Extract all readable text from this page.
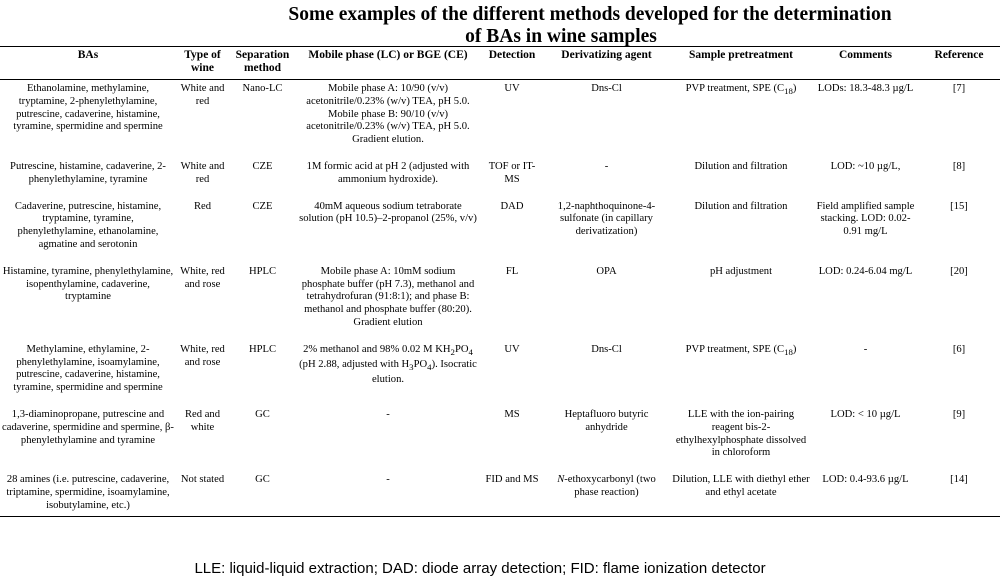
Some examples of the different methods developed for the determination
of BAs in wine samples
BAs	Type of wine	Separation method	Mobile phase (LC) or BGE (CE)	Detection	Derivatizing agent	Sample pretreatment	Comments	Reference
Ethanolamine, methylamine, tryptamine, 2-phenylethylamine, putrescine, cadaverine, histamine, tyramine, spermidine and spermine	White and red	Nano-LC	Mobile phase A: 10/90 (v/v) acetonitrile/0.23% (w/v) TEA, pH 5.0. Mobile phase B: 90/10 (v/v) acetonitrile/0.23% (w/v) TEA, pH 5.0. Gradient elution.	UV	Dns-Cl	PVP treatment, SPE $(C_{18})$	LODs: 18.3-48.3 µg/L	[7]
Putrescine, histamine, cadaverine, 2-phenylethylamine, tyramine	White and red	CZE	1M formic acid at pH 2 (adjusted with ammonium hydroxide).	TOF or IT-MS	-	Dilution and filtration	LOD: ~10 µg/L,	[8]
Cadaverine, putrescine, histamine, tryptamine, tyramine, phenylethylamine, ethanolamine, agmatine and serotonin	Red	CZE	40mM aqueous sodium tetraborate solution (pH 10.5)–2-propanol (25%, v/v)	DAD	1,2-naphthoquinone-4-sulfonate (in capillary derivatization)	Dilution and filtration	Field amplified sample stacking. LOD: 0.02-0.91 mg/L	[15]
Histamine, tyramine, phenylethylamine, isopenthylamine, cadaverine, tryptamine	White, red and rose	HPLC	Mobile phase A: 10mM sodium phosphate buffer (pH 7.3), methanol and tetrahydrofuran (91:8:1); and phase B: methanol and phosphate buffer (80:20). Gradient elution	FL	OPA	pH adjustment	LOD: 0.24-6.04 mg/L	[20]
Methylamine, ethylamine, 2-phenylethylamine, isoamylamine, putrescine, cadaverine, histamine, tyramine, spermidine and spermine	White, red and rose	HPLC	2% methanol and 98% 0.02 M $KH_2PO_4$ (pH 2.88, adjusted with $H_3PO_4$). Isocratic elution.	UV	Dns-Cl	PVP treatment, SPE $(C_{18})$	-	[6]
1,3-diaminopropane, putrescine and cadaverine, spermidine and spermine, β-phenylethylamine and tyramine	Red and white	GC	-	MS	Heptafluoro butyric anhydride	LLE with the ion-pairing reagent bis-2-ethylhexylphosphate dissolved in chloroform	LOD: < 10 µg/L	[9]
28 amines (i.e. putrescine, cadaverine, triptamine, spermidine, isoamylamine, isobutylamine, etc.)	Not stated	GC	-	FID and MS	N-ethoxycarbonyl (two phase reaction)	Dilution, LLE with diethyl ether and ethyl acetate	LOD: 0.4-93.6 µg/L	[14]
LLE: liquid-liquid extraction; DAD: diode array detection; FID: flame ionization detector
